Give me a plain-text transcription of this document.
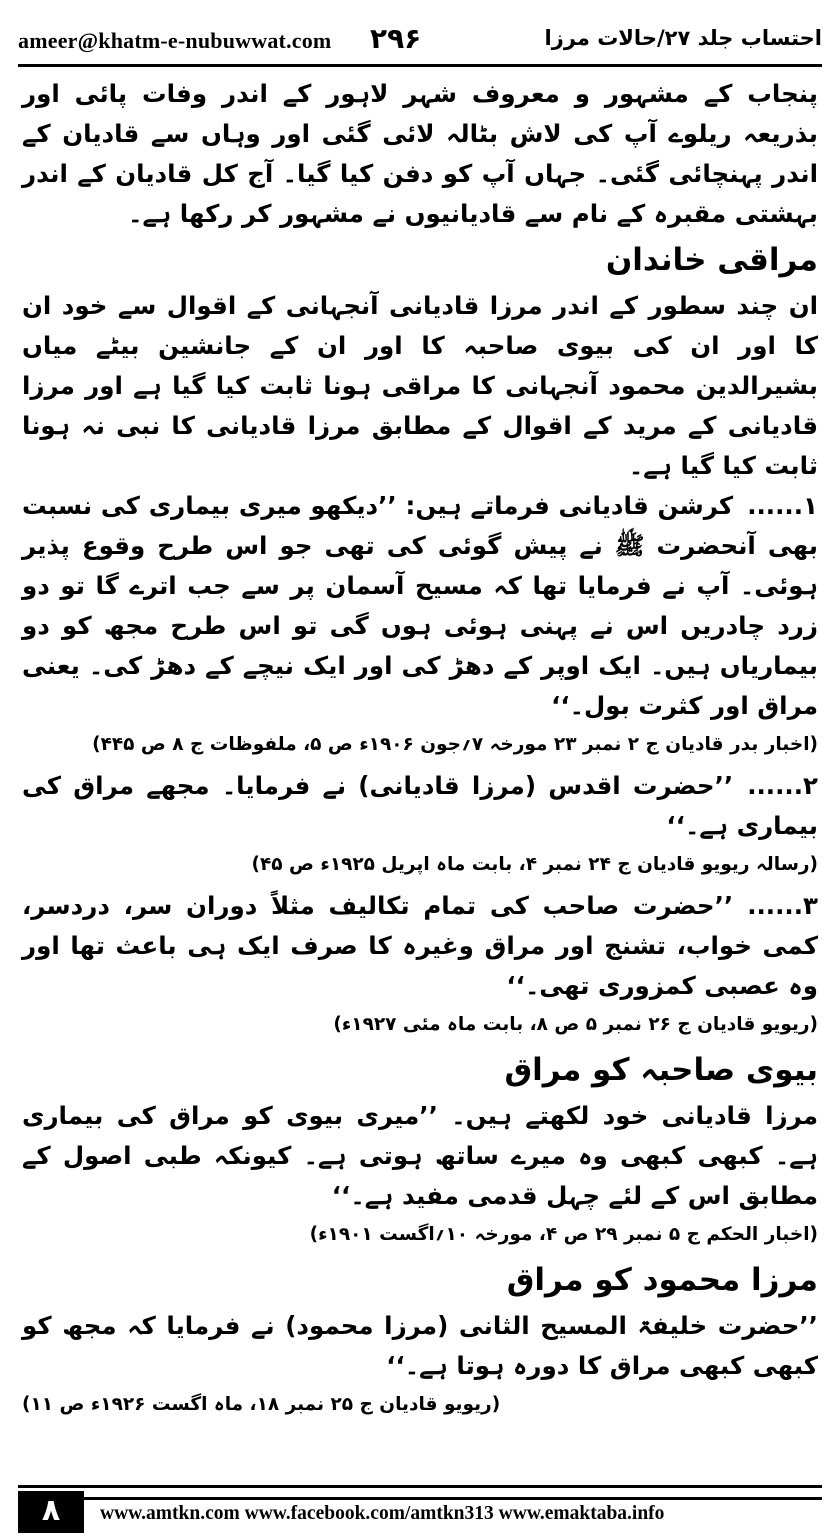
ameer@khatm-e-nubuwwat.com ۲۹۶	احتساب جلد ۲۷/حالات مرزا

پنجاب کے مشہور و معروف شہر لاہور کے اندر وفات پائی اور بذریعہ ریلوے آپ کی لاش بٹالہ لائی گئی اور وہاں سے قادیان کے اندر پہنچائی گئی۔ جہاں آپ کو دفن کیا گیا۔ آج کل قادیان کے اندر بہشتی مقبرہ کے نام سے قادیانیوں نے مشہور کر رکھا ہے۔

مراقی خاندان

ان چند سطور کے اندر مرزا قادیانی آنجہانی کے اقوال سے خود ان کا اور ان کی بیوی صاحبہ کا اور ان کے جانشین بیٹے میاں بشیرالدین محمود آنجہانی کا مراقی ہونا ثابت کیا گیا ہے اور مرزا قادیانی کے مرید کے اقوال کے مطابق مرزا قادیانی کا نبی نہ ہونا ثابت کیا گیا ہے۔

۱......کرشن قادیانی فرماتے ہیں: ’’دیکھو میری بیماری کی نسبت بھی آنحضرت ﷺ نے پیش گوئی کی تھی جو اس طرح وقوع پذیر ہوئی۔ آپ نے فرمایا تھا کہ مسیح آسمان پر سے جب اترے گا تو دو زرد چادریں اس نے پہنی ہوئی ہوں گی تو اس طرح مجھ کو دو بیماریاں ہیں۔ ایک اوپر کے دھڑ کی اور ایک نیچے کے دھڑ کی۔ یعنی مراق اور کثرت بول۔‘‘

(اخبار بدر قادیان ج ۲ نمبر ۲۳ مورخہ ۷؍جون ۱۹۰۶ء ص ۵، ملفوظات ج ۸ ص ۴۴۵)

۲......’’حضرت اقدس (مرزا قادیانی) نے فرمایا۔ مجھے مراق کی بیماری ہے۔‘‘

(رسالہ ریویو قادیان ج ۲۴ نمبر ۴، بابت ماہ اپریل ۱۹۲۵ء ص ۴۵)

۳......’’حضرت صاحب کی تمام تکالیف مثلاً دوران سر، دردسر، کمی خواب، تشنج اور مراق وغیرہ کا صرف ایک ہی باعث تھا اور وہ عصبی کمزوری تھی۔‘‘

(ریویو قادیان ج ۲۶ نمبر ۵ ص ۸، بابت ماہ مئی ۱۹۲۷ء)
بیوی صاحبہ کو مراق

مرزا قادیانی خود لکھتے ہیں۔ ’’میری بیوی کو مراق کی بیماری ہے۔ کبھی کبھی وہ میرے ساتھ ہوتی ہے۔ کیونکہ طبی اصول کے مطابق اس کے لئے چہل قدمی مفید ہے۔‘‘

(اخبار الحکم ج ۵ نمبر ۲۹ ص ۴، مورخہ ۱۰؍اگست ۱۹۰۱ء)
مرزا محمود کو مراق

’’حضرت خلیفۃ المسیح الثانی (مرزا محمود) نے فرمایا کہ مجھ کو کبھی کبھی مراق کا دورہ ہوتا ہے۔‘‘

(ریویو قادیان ج ۲۵ نمبر ۱۸، ماہ اگست ۱۹۲۶ء ص ۱۱)
۸	www.amtkn.com www.facebook.com/amtkn313 www.emaktaba.info
